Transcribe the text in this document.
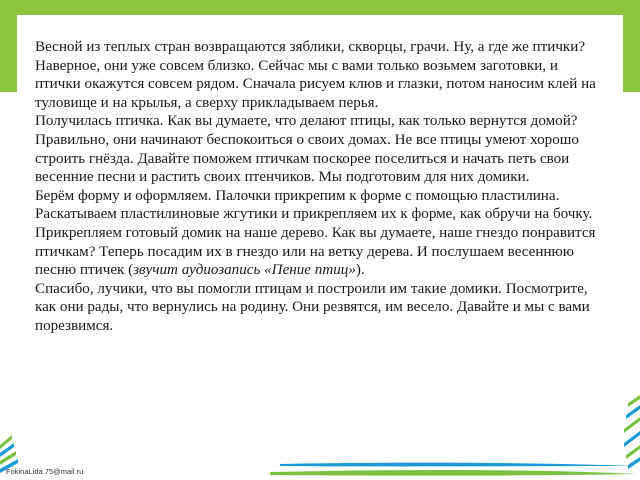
Весной из теплых стран возвращаются зяблики, скворцы, грачи. Ну, а где же птички? Наверное, они уже совсем близко. Сейчас мы с вами только возьмем заготовки, и птички окажутся совсем рядом. Сначала рисуем клюв и глазки, потом наносим клей на туловище и на крылья, а сверху прикладываем перья.

Получилась птичка. Как вы думаете, что делают птицы, как только вернутся домой? Правильно, они начинают беспокоиться о своих домах. Не все птицы умеют хорошо строить гнёзда. Давайте поможем птичкам поскорее поселиться и начать петь свои весенние песни и растить своих птенчиков. Мы подготовим для них домики.

Берём форму и оформляем. Палочки прикрепим к форме с помощью пластилина. Раскатываем пластилиновые жгутики и прикрепляем их к форме, как обручи на бочку. Прикрепляем готовый домик на наше дерево. Как вы думаете, наше гнездо понравится птичкам? Теперь посадим их в гнездо или на ветку дерева. И послушаем весеннюю песню птичек (звучит аудиозапись «Пение птиц»).

Спасибо, лучики, что вы помогли птицам и построили им такие домики. Посмотрите, как они рады, что вернулись на родину. Они резвятся, им весело. Давайте и мы с вами порезвимся.

FokinaLida.75@mail.ru
